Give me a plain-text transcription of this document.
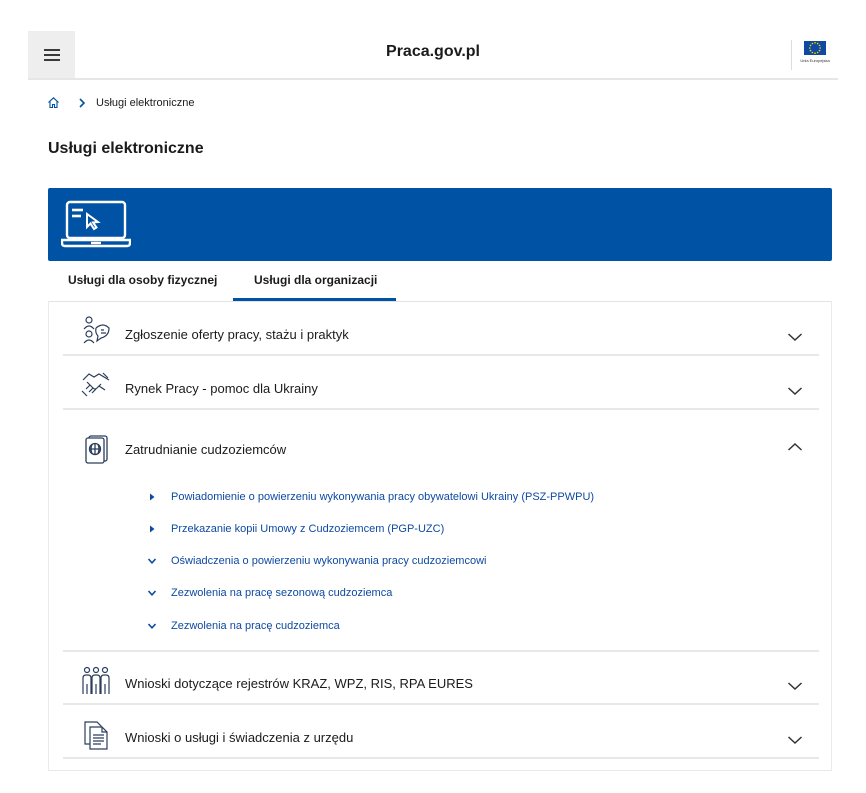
Praca.gov.pl
Unia Europejska
Usługi elektroniczne
Usługi elektroniczne
Usługi dla osoby fizycznej	Usługi dla organizacji
Zgłoszenie oferty pracy, stażu i praktyk
Rynek Pracy - pomoc dla Ukrainy
Zatrudnianie cudzoziemców
Powiadomienie o powierzeniu wykonywania pracy obywatelowi Ukrainy (PSZ-PPWPU)
Przekazanie kopii Umowy z Cudzoziemcem (PGP-UZC)
Oświadczenia o powierzeniu wykonywania pracy cudzoziemcowi
Zezwolenia na pracę sezonową cudzoziemca
Zezwolenia na pracę cudzoziemca
Wnioski dotyczące rejestrów KRAZ, WPZ, RIS, RPA EURES
Wnioski o usługi i świadczenia z urzędu
